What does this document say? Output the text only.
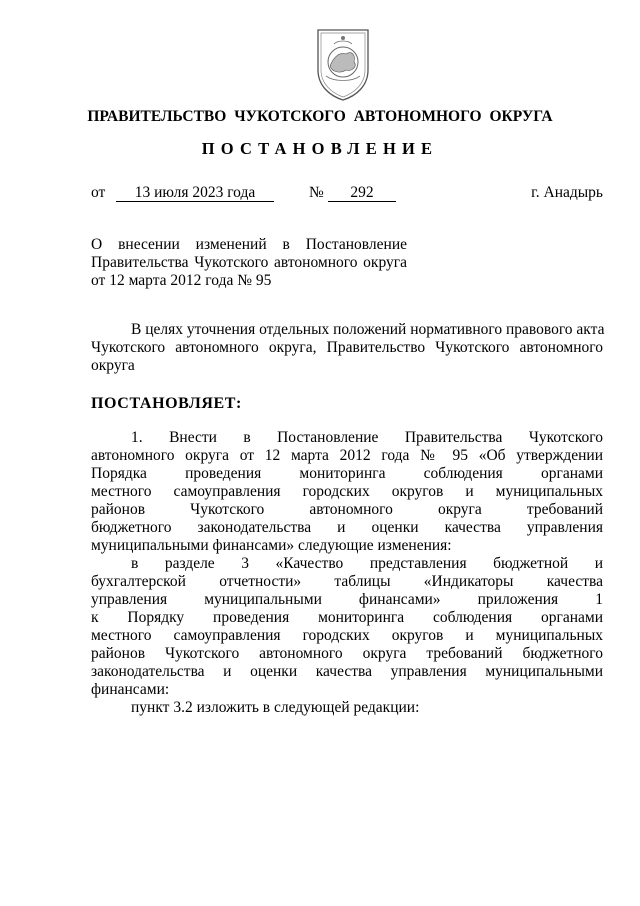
ПРАВИТЕЛЬСТВО ЧУКОТСКОГО АВТОНОМНОГО ОКРУГА
ПОСТАНОВЛЕНИЕ
от	13 июля 2023 года	№	292	г. Анадырь
О внесении изменений в Постановление
Правительства Чукотского автономного округа
от 12 марта 2012 года № 95
В целях уточнения отдельных положений нормативного правового акта
Чукотского автономного округа, Правительство Чукотского автономного
округа
ПОСТАНОВЛЯЕТ:
1. Внести в Постановление Правительства Чукотского
автономного округа от 12 марта 2012 года № 95 «Об утверждении
Порядка проведения мониторинга соблюдения органами
местного самоуправления городских округов и муниципальных
районов Чукотского автономного округа требований
бюджетного законодательства и оценки качества управления
муниципальными финансами» следующие изменения:
в разделе 3 «Качество представления бюджетной и
бухгалтерской отчетности» таблицы «Индикаторы качества
управления муниципальными финансами» приложения 1
к Порядку проведения мониторинга соблюдения органами
местного самоуправления городских округов и муниципальных
районов Чукотского автономного округа требований бюджетного
законодательства и оценки качества управления муниципальными
финансами:
пункт 3.2 изложить в следующей редакции:
